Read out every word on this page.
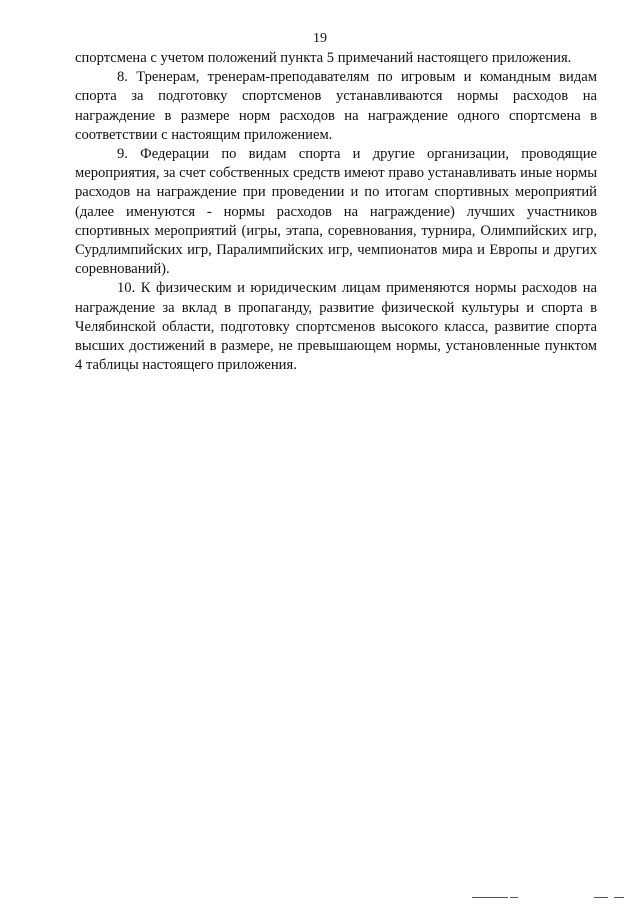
19

спортсмена с учетом положений пункта 5 примечаний настоящего приложения.

8. Тренерам, тренерам-преподавателям по игровым и командным видам спорта за подготовку спортсменов устанавливаются нормы расходов на награждение в размере норм расходов на награждение одного спортсмена в соответствии с настоящим приложением.

9. Федерации по видам спорта и другие организации, проводящие мероприятия, за счет собственных средств имеют право устанавливать иные нормы расходов на награждение при проведении и по итогам спортивных мероприятий (далее именуются - нормы расходов на награждение) лучших участников спортивных мероприятий (игры, этапа, соревнования, турнира, Олимпийских игр, Сурдлимпийских игр, Паралимпийских игр, чемпионатов мира и Европы и других соревнований).

10. К физическим и юридическим лицам применяются нормы расходов на награждение за вклад в пропаганду, развитие физической культуры и спорта в Челябинской области, подготовку спортсменов высокого класса, развитие спорта высших достижений в размере, не превышающем нормы, установленные пунктом 4 таблицы настоящего приложения.
